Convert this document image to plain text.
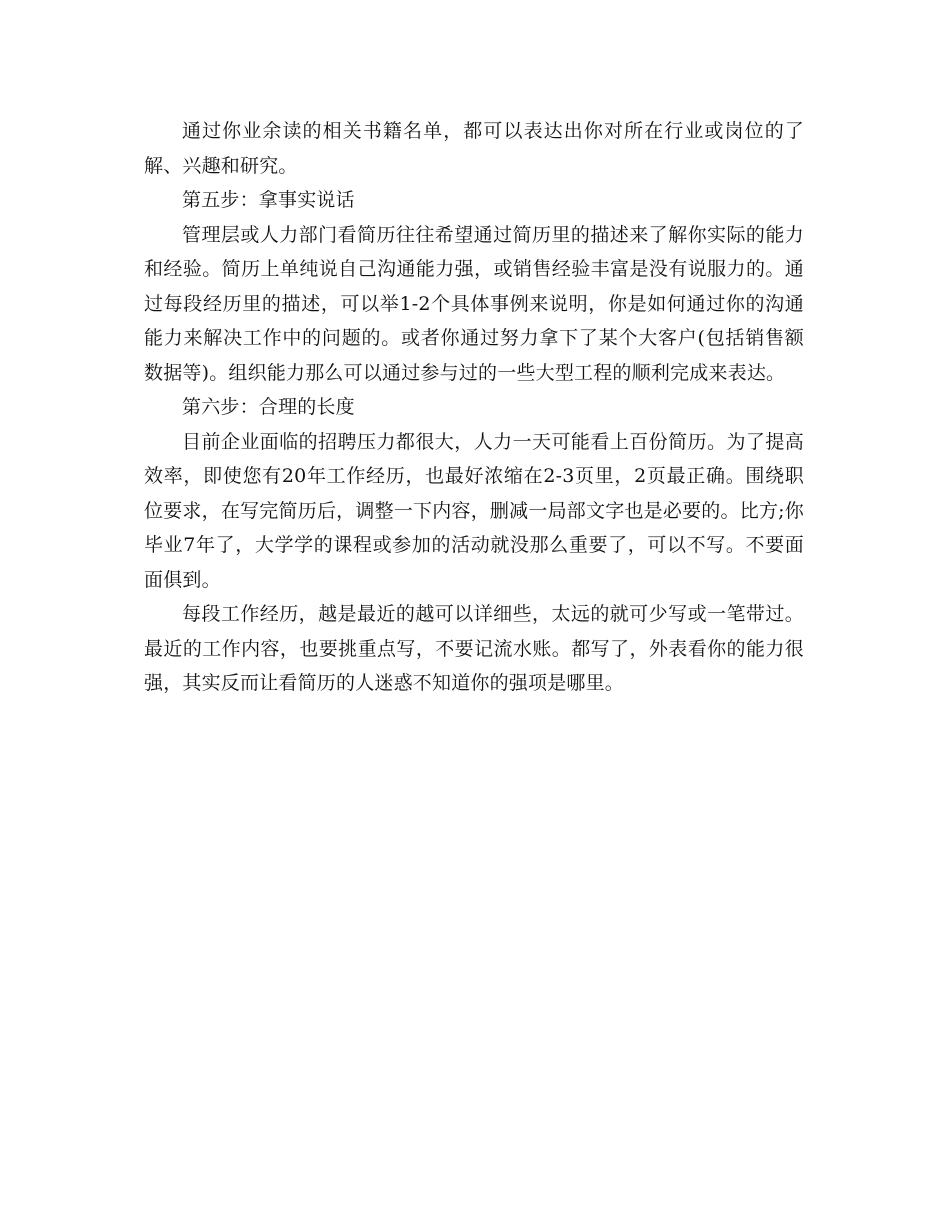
通过你业余读的相关书籍名单，都可以表达出你对所在行业或岗位的了解、兴趣和研究。

第五步：拿事实说话

管理层或人力部门看简历往往希望通过简历里的描述来了解你实际的能力和经验。简历上单纯说自己沟通能力强，或销售经验丰富是没有说服力的。通过每段经历里的描述，可以举1-2个具体事例来说明，你是如何通过你的沟通能力来解决工作中的问题的。或者你通过努力拿下了某个大客户(包括销售额数据等)。组织能力那么可以通过参与过的一些大型工程的顺利完成来表达。

第六步：合理的长度

目前企业面临的招聘压力都很大，人力一天可能看上百份简历。为了提高效率，即使您有20年工作经历，也最好浓缩在2-3页里，2页最正确。围绕职位要求，在写完简历后，调整一下内容，删减一局部文字也是必要的。比方;你毕业7年了，大学学的课程或参加的活动就没那么重要了，可以不写。不要面面俱到。

每段工作经历，越是最近的越可以详细些，太远的就可少写或一笔带过。最近的工作内容，也要挑重点写，不要记流水账。都写了，外表看你的能力很强，其实反而让看简历的人迷惑不知道你的强项是哪里。
